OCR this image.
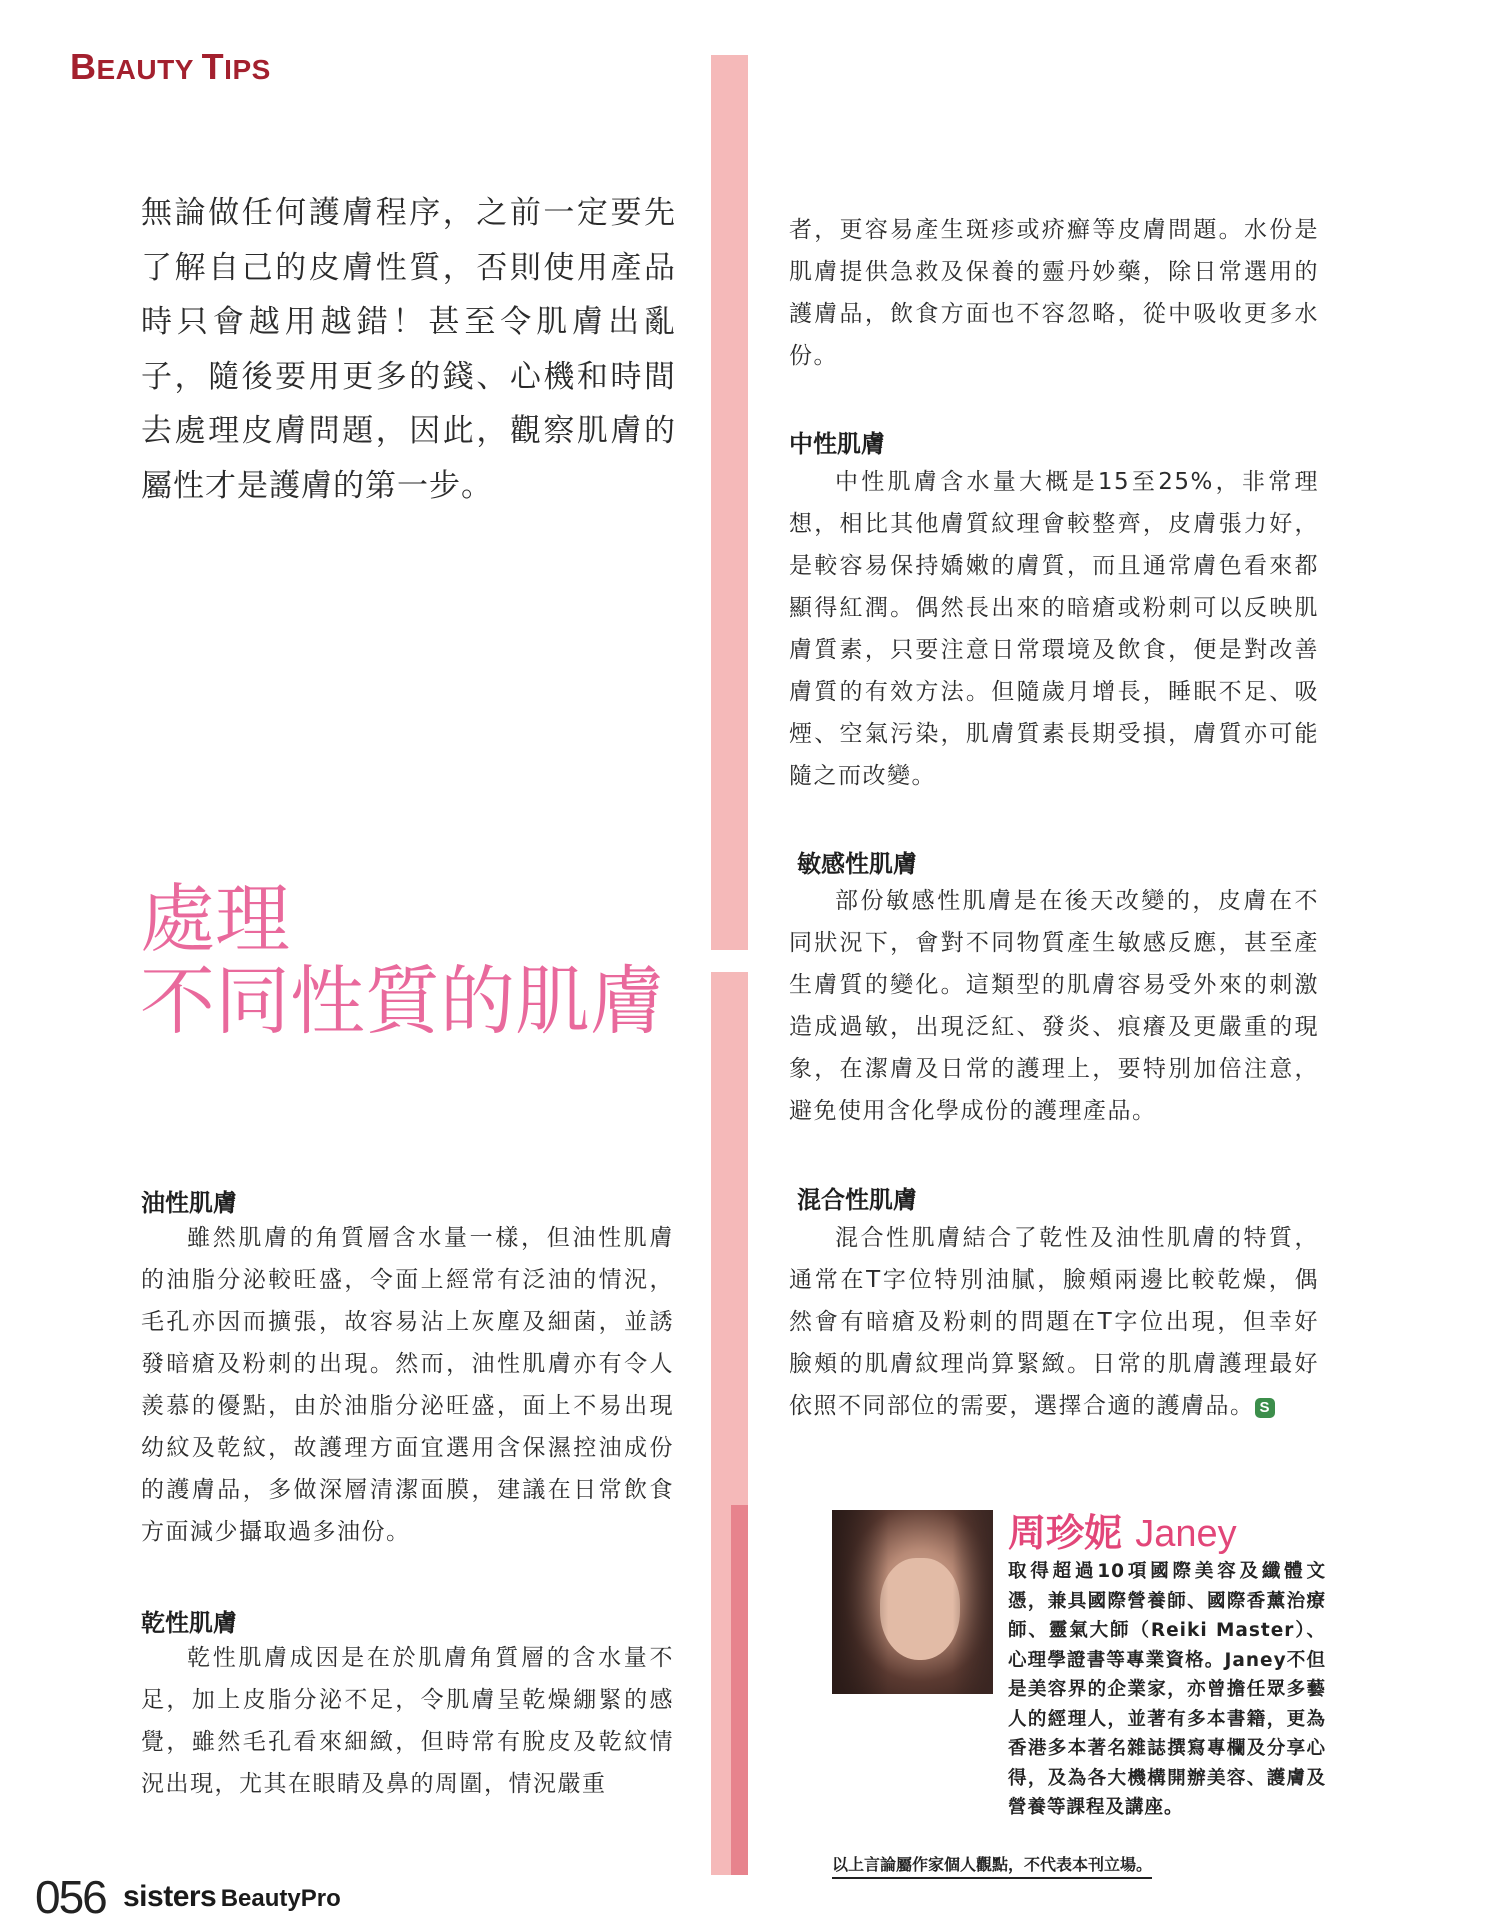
BEAUTY TIPS

無論做任何護膚程序，之前一定要先了解自己的皮膚性質，否則使用產品時只會越用越錯！甚至令肌膚出亂子，隨後要用更多的錢、心機和時間去處理皮膚問題，因此，觀察肌膚的屬性才是護膚的第一步。

處理
不同性質的肌膚
油性肌膚

雖然肌膚的角質層含水量一樣，但油性肌膚的油脂分泌較旺盛，令面上經常有泛油的情況，毛孔亦因而擴張，故容易沾上灰塵及細菌，並誘發暗瘡及粉刺的出現。然而，油性肌膚亦有令人羨慕的優點，由於油脂分泌旺盛，面上不易出現幼紋及乾紋，故護理方面宜選用含保濕控油成份的護膚品，多做深層清潔面膜，建議在日常飲食方面減少攝取過多油份。

乾性肌膚

乾性肌膚成因是在於肌膚角質層的含水量不足，加上皮脂分泌不足，令肌膚呈乾燥綳緊的感覺，雖然毛孔看來細緻，但時常有脫皮及乾紋情況出現，尤其在眼睛及鼻的周圍，情況嚴重

者，更容易產生斑疹或疥癬等皮膚問題。水份是肌膚提供急救及保養的靈丹妙藥，除日常選用的護膚品，飲食方面也不容忽略，從中吸收更多水份。

中性肌膚

中性肌膚含水量大概是15至25%，非常理想，相比其他膚質紋理會較整齊，皮膚張力好，是較容易保持嬌嫩的膚質，而且通常膚色看來都顯得紅潤。偶然長出來的暗瘡或粉刺可以反映肌膚質素，只要注意日常環境及飲食，便是對改善膚質的有效方法。但隨歲月增長，睡眠不足、吸煙、空氣污染，肌膚質素長期受損，膚質亦可能隨之而改變。

敏感性肌膚

部份敏感性肌膚是在後天改變的，皮膚在不同狀況下，會對不同物質產生敏感反應，甚至產生膚質的變化。這類型的肌膚容易受外來的刺激造成過敏，出現泛紅、發炎、痕癢及更嚴重的現象，在潔膚及日常的護理上，要特別加倍注意，避免使用含化學成份的護理產品。

混合性肌膚

混合性肌膚結合了乾性及油性肌膚的特質，通常在T字位特別油膩，臉頰兩邊比較乾燥，偶然會有暗瘡及粉刺的問題在T字位出現，但幸好臉頰的肌膚紋理尚算緊緻。日常的肌膚護理最好依照不同部位的需要，選擇合適的護膚品。 S

周珍妮 Janey

取得超過10項國際美容及纖體文憑，兼具國際營養師、國際香薰治療師、靈氣大師（Reiki Master）、心理學證書等專業資格。Janey不但是美容界的企業家，亦曾擔任眾多藝人的經理人，並著有多本書籍，更為香港多本著名雜誌撰寫專欄及分享心得，及為各大機構開辦美容、護膚及營養等課程及講座。

以上言論屬作家個人觀點，不代表本刊立場。
056 sisters BeautyPro
